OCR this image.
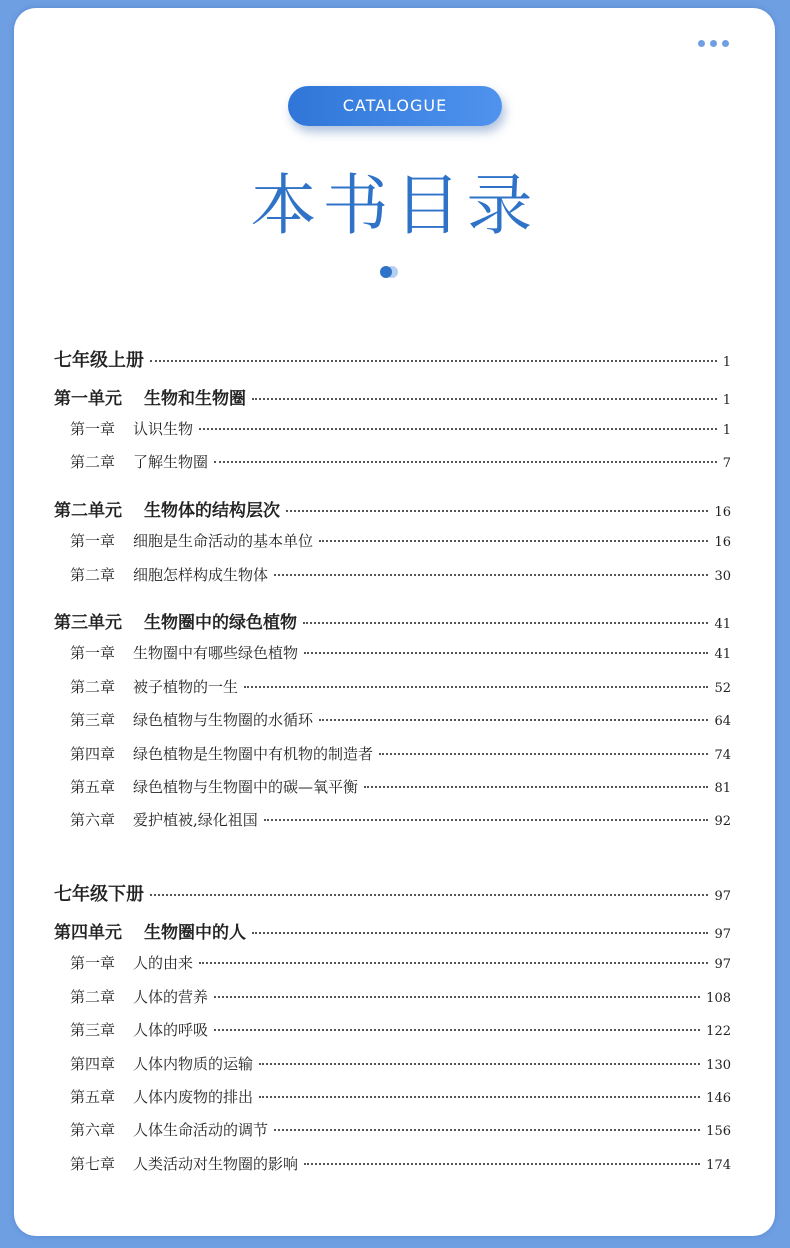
CATALOGUE
本书目录
七年级上册	1
第一单元 生物和生物圈	1
第一章 认识生物	1
第二章 了解生物圈	7
第二单元 生物体的结构层次	16
第一章 细胞是生命活动的基本单位	16
第二章 细胞怎样构成生物体	30
第三单元 生物圈中的绿色植物	41
第一章 生物圈中有哪些绿色植物	41
第二章 被子植物的一生	52
第三章 绿色植物与生物圈的水循环	64
第四章 绿色植物是生物圈中有机物的制造者	74
第五章 绿色植物与生物圈中的碳—氧平衡	81
第六章 爱护植被,绿化祖国	92
七年级下册	97
第四单元 生物圈中的人	97
第一章 人的由来	97
第二章 人体的营养	108
第三章 人体的呼吸	122
第四章 人体内物质的运输	130
第五章 人体内废物的排出	146
第六章 人体生命活动的调节	156
第七章 人类活动对生物圈的影响	174
